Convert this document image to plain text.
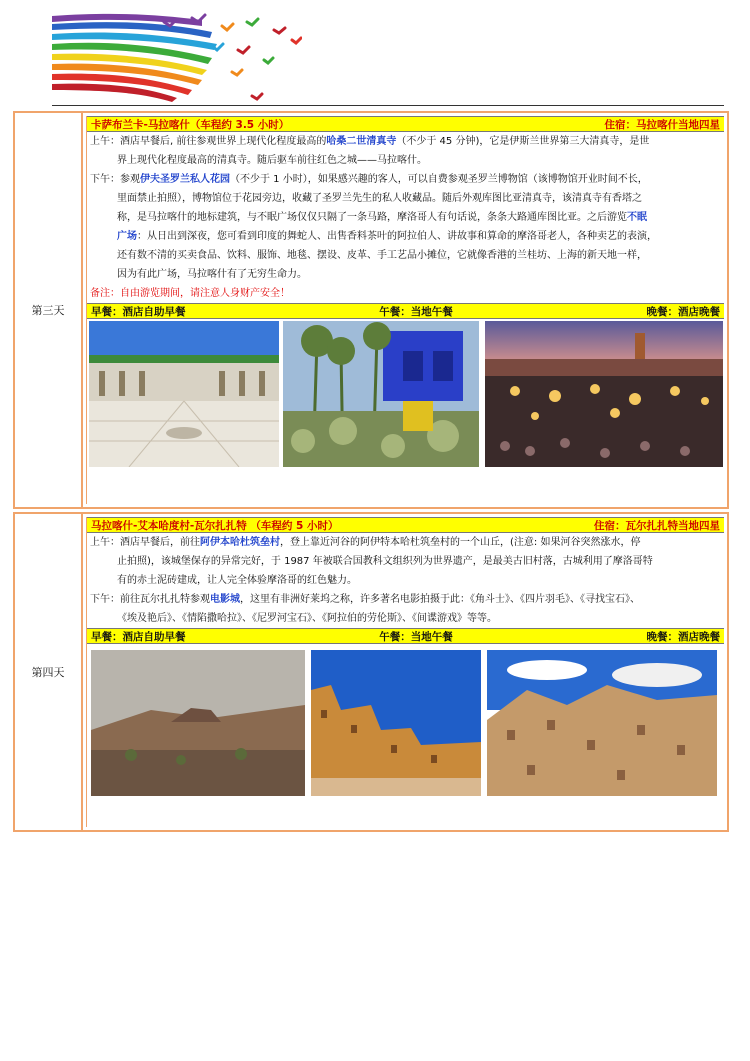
第三天
卡萨布兰卡-马拉喀什（车程约 3.5 小时）	住宿：马拉喀什当地四星

上午：酒店早餐后, 前往参观世界上现代化程度最高的哈桑二世清真寺（不少于 45 分钟)，它是伊斯兰世界第三大清真寺，是世
界上现代化程度最高的清真寺。随后驱车前往红色之城——马拉喀什。

下午：参观伊夫圣罗兰私人花园（不少于 1 小时），如果感兴趣的客人，可以自费参观圣罗兰博物馆（该博物馆开业时间不长，
里面禁止拍照），博物馆位于花园旁边，收藏了圣罗兰先生的私人收藏品。随后外观库图比亚清真寺，该清真寺有香塔之
称，是马拉喀什的地标建筑，与不眠广场仅仅只隔了一条马路，摩洛哥人有句话说，条条大路通库图比亚。之后游览不眠
广场：从日出到深夜，您可看到印度的舞蛇人、出售香料茶叶的阿拉伯人、讲故事和算命的摩洛哥老人，各种卖艺的表演，
还有数不清的买卖食品、饮料、服饰、地毯、摆设、皮革、手工艺品小摊位，它就像香港的兰桂坊、上海的新天地一样，
因为有此广场，马拉喀什有了无穷生命力。

备注：自由游览期间，请注意人身财产安全！
早餐：酒店自助早餐	午餐：当地午餐	晚餐：酒店晚餐
第四天
马拉喀什-艾本哈度村-瓦尔扎扎特 （车程约 5 小时）	住宿：瓦尔扎扎特当地四星

上午：酒店早餐后，前往阿伊本哈杜筑垒村，登上靠近河谷的阿伊特本哈杜筑垒村的一个山丘，(注意: 如果河谷突然涨水，停
止拍照)，该城堡保存的异常完好，于 1987 年被联合国教科文组织列为世界遗产，是最美古旧村落，古城利用了摩洛哥特
有的赤土泥砖建成，让人完全体验摩洛哥的红色魅力。

下午：前往瓦尔扎扎特参观电影城，这里有非洲好莱坞之称，许多著名电影拍摄于此：《角斗士》、《四片羽毛》、《寻找宝石》、
《埃及艳后》、《情陷撒哈拉》、《尼罗河宝石》、《阿拉伯的劳伦斯》、《间谍游戏》等等。

早餐：酒店自助早餐	午餐：当地午餐	晚餐：酒店晚餐
